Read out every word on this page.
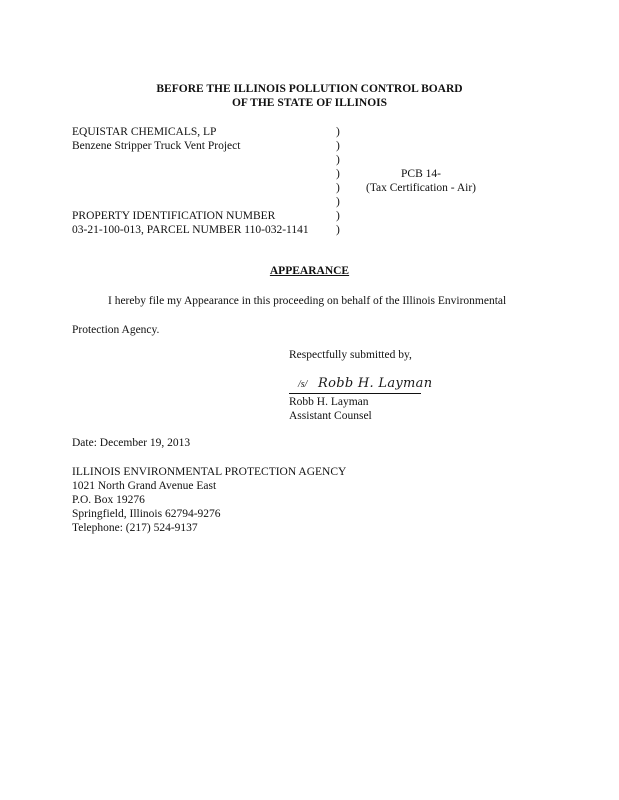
BEFORE THE ILLINOIS POLLUTION CONTROL BOARD
OF THE STATE OF ILLINOIS
EQUISTAR CHEMICALS, LP
Benzene Stripper Truck Vent Project
PROPERTY IDENTIFICATION NUMBER
03-21-100-013, PARCEL NUMBER 110-032-1141
)
)
)
)
)
)
)
)
PCB 14-
(Tax Certification - Air)
APPEARANCE
I hereby file my Appearance in this proceeding on behalf of the Illinois Environmental
Protection Agency.
Respectfully submitted by,
/s/ Robb H. Layman
Robb H. Layman
Assistant Counsel
Date: December 19, 2013
ILLINOIS ENVIRONMENTAL PROTECTION AGENCY
1021 North Grand Avenue East
P.O. Box 19276
Springfield, Illinois 62794-9276
Telephone: (217) 524-9137
